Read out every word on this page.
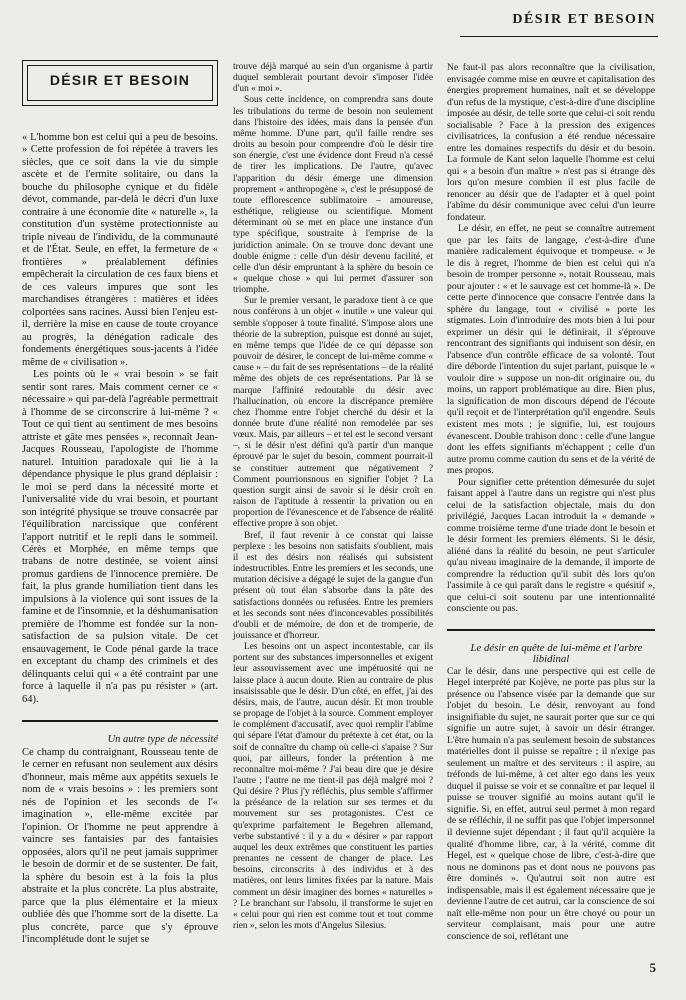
DÉSIR ET BESOIN
DÉSIR ET BESOIN

« L'homme bon est celui qui a peu de besoins. » Cette profession de foi répétée à travers les siècles, que ce soit dans la vie du simple ascète et de l'ermite solitaire, ou dans la bouche du philosophe cynique et du fidèle dévot, commande, par-delà le décri d'un luxe contraire à une économie dite « naturelle », la constitution d'un système protectionniste au triple niveau de l'individu, de la communauté et de l'État. Seule, en effet, la fermeture de « frontières » préalablement définies empêcherait la circulation de ces faux biens et de ces valeurs impures que sont les marchandises étrangères : matières et idées colportées sans racines. Aussi bien l'enjeu est-il, derrière la mise en cause de toute croyance au progrès, la dénégation radicale des fondements énergétiques sous-jacents à l'idée même de « civilisation ».

Les points où le « vrai besoin » se fait sentir sont rares. Mais comment cerner ce « nécessaire » qui par-delà l'agréable permettrait à l'homme de se circonscrire à lui-même ? « Tout ce qui tient au sentiment de mes besoins attriste et gâte mes pensées », reconnaît Jean-Jacques Rousseau, l'apologiste de l'homme naturel. Intuition paradoxale qui lie à la dépendance physique le plus grand déplaisir : le moi se perd dans la nécessité morte et l'universalité vide du vrai besoin, et pourtant son intégrité physique se trouve consacrée par l'équilibration narcissique que conférent l'apport nutritif et le repli dans le sommeil. Cérès et Morphée, en même temps que trabans de notre destinée, se voient ainsi promus gardiens de l'innocence première. De fait, la plus grande humiliation tient dans les impulsions à la violence qui sont issues de la famine et de l'insomnie, et la déshumanisation première de l'homme est fondée sur la non-satisfaction de sa pulsion vitale. De cet ensauvagement, le Code pénal garde la trace en exceptant du champ des criminels et des délinquants celui qui « a été contraint par une force à laquelle il n'a pas pu résister » (art. 64).

Un autre type de nécessité

Ce champ du contraignant, Rousseau tente de le cerner en refusant non seulement aux désirs d'honneur, mais même aux appétits sexuels le nom de « vrais besoins » : les premiers sont nés de l'opinion et les seconds de l'« imagination », elle-même excitée par l'opinion. Or l'homme ne peut apprendre à vaincre ses fantaisies par des fantaisies opposées, alors qu'il ne peut jamais supprimer le besoin de dormir et de se sustenter. De fait, la sphère du besoin est à la fois la plus abstraite et la plus concrète. La plus abstraite, parce que la plus élémentaire et la mieux oubliée dès que l'homme sort de la disette. La plus concrète, parce que s'y éprouve l'incomplétude dont le sujet se

trouve déjà marqué au sein d'un organisme à partir duquel semblerait pourtant devoir s'imposer l'idée d'un « moi ».

Sous cette incidence, on comprendra sans doute les tribulations du terme de besoin non seulement dans l'histoire des idées, mais dans la pensée d'un même homme. D'une part, qu'il faille rendre ses droits au besoin pour comprendre d'où le désir tire son énergie, c'est une évidence dont Freud n'a cessé de tirer les implications. De l'autre, qu'avec l'apparition du désir émerge une dimension proprement « anthropogène », c'est le présupposé de toute efflorescence sublimatoire – amoureuse, esthétique, religieuse ou scientifique. Moment déterminant où se met en place une instance d'un type spécifique, soustraite à l'emprise de la juridiction animale. On se trouve donc devant une double énigme : celle d'un désir devenu facilité, et celle d'un désir empruntant à la sphère du besoin ce « quelque chose » qui lui permet d'assurer son triomphe.

Sur le premier versant, le paradoxe tient à ce que nous conférons à un objet « inutile » une valeur qui semble s'opposer à toute finalité. S'impose alors une théorie de la subreption, puisque est donné au sujet, en même temps que l'idée de ce qui dépasse son pouvoir de désirer, le concept de lui-même comme « cause » – du fait de ses représentations – de la réalité même des objets de ces représentations. Par là se marque l'affinité redoutable du désir avec l'hallucination, où encore la discrépance première chez l'homme entre l'objet cherché du désir et la donnée brute d'une réalité non remodelée par ses vœux. Mais, par ailleurs – et tel est le second versant –, si le désir n'est défini qu'à partir d'un manque éprouvé par le sujet du besoin, comment pourrait-il se constituer autrement que négativement ? Comment pourrionsnous en signifier l'objet ? La question surgit ainsi de savoir si le désir croît en raison de l'aptitude à ressentir la privation ou en proportion de l'évanescence et de l'absence de réalité effective propre à son objet.

Bref, il faut revenir à ce constat qui laisse perplexe : les besoins non satisfaits s'oublient, mais il est des désirs non réalisés qui subsistent indestructibles. Entre les premiers et les seconds, une mutation décisive a dégagé le sujet de la gangue d'un présent où tout élan s'absorbe dans la pâte des satisfactions données ou refusées. Entre les premiers et les seconds sont nées d'inconcevables possibilités d'oubli et de mémoire, de don et de tromperie, de jouissance et d'horreur.

Les besoins ont un aspect incontestable, car ils portent sur des substances impersonnelles et exigent leur assouvissement avec une impétuosité qui ne laisse place à aucun doute. Rien au contraire de plus insaisissable que le désir. D'un côté, en effet, j'ai des désirs, mais, de l'autre, aucun désir. Et mon trouble se propage de l'objet à la source. Comment employer le complément d'accusatif, avec quoi remplir l'abîme qui sépare l'état d'amour du prétexte à cet état, ou la soif de connaître du champ où celle-ci s'apaise ? Sur quoi, par ailleurs, fonder la prétention à me reconnaître moi-même ? J'ai beau dire que je désire l'autre ; l'autre ne me tient-il pas déjà malgré moi ? Qui désire ? Plus j'y réfléchis, plus semble s'affirmer la préséance de la relation sur ses termes et du mouvement sur ses protagonistes. C'est ce qu'exprime parfaitement le Begehren allemand, verbe substantivé : il y a du « désirer » par rapport auquel les deux extrêmes que constituent les parties prenantes ne cessent de changer de place. Les besoins, circonscrits à des individus et à des matières, ont leurs limites fixées par la nature. Mais comment un désir imaginer des bornes « naturelles » ? Le branchant sur l'absolu, il transforme le sujet en « celui pour qui rien est comme tout et tout comme rien », selon les mots d'Angelus Silesius.

Ne faut-il pas alors reconnaître que la civilisation, envisagée comme mise en œuvre et capitalisation des énergies proprement humaines, naît et se développe d'un refus de la mystique, c'est-à-dire d'une discipline imposée au désir, de telle sorte que celui-ci soit rendu socialisable ? Face à la pression des exigences civilisatrices, la confusion a été rendue nécessaire entre les domaines respectifs du désir et du besoin. La formule de Kant selon laquelle l'homme est celui qui « a besoin d'un maître » n'est pas si étrange dès lors qu'on mesure combien il est plus facile de renoncer au désir que de l'adapter et à quel point l'abîme du désir communique avec celui d'un leurre fondateur.

Le désir, en effet, ne peut se connaître autrement que par les faits de langage, c'est-à-dire d'une manière radicalement équivoque et trompeuse. « Je le dis à regret, l'homme de bien est celui qui n'a besoin de tromper personne », notait Rousseau, mais pour ajouter : « et le sauvage est cet homme-là ». De cette perte d'innocence que consacre l'entrée dans la sphère du langage, tout « civilisé » porte les stigmates. Loin d'introduire des mots bien à lui pour exprimer un désir qui le définirait, il s'éprouve rencontrant des signifiants qui induisent son désir, en l'absence d'un contrôle efficace de sa volonté. Tout dire déborde l'intention du sujet parlant, puisque le « vouloir dire » suppose un non-dit originaire ou, du moins, un rapport problématique au dire. Bien plus, la signification de mon discours dépend de l'écoute qu'il reçoit et de l'interprétation qu'il engendre. Seuls existent mes mots ; je signifie, lui, est toujours évanescent. Double trahison donc : celle d'une langue dont les effets signifiants m'échappent ; celle d'un autre promu comme caution du sens et de la vérité de mes propos.

Pour signifier cette prétention démesurée du sujet faisant appel à l'autre dans un registre qui n'est plus celui de la satisfaction objectale, mais du don privilégié, Jacques Lacan introduit la « demande » comme troisième terme d'une triade dont le besoin et le désir forment les premiers éléments. Si le désir, aliéné dans la réalité du besoin, ne peut s'articuler qu'au niveau imaginaire de la demande, il importe de comprendre la réduction qu'il subit dès lors qu'on l'assimile à ce qui paraît dans le registre « quésitif », que celui-ci soit soutenu par une intentionnalité consciente ou pas.

Le désir en quête de lui-même et l'arbre libidinal

Car le désir, dans une perspective qui est celle de Hegel interprété par Kojève, ne porte pas plus sur la présence ou l'absence visée par la demande que sur l'objet du besoin. Le désir, renvoyant au fond insignifiable du sujet, ne saurait porter que sur ce qui signifie un autre sujet, à savoir un désir étranger. L'être humain n'a pas seulement besoin de substances matérielles dont il puisse se repaître ; il n'exige pas seulement un maître et des serviteurs : il aspire, au tréfonds de lui-même, à cet alter ego dans les yeux duquel il puisse se voir et se connaître et par lequel il puisse se trouver signifié au moins autant qu'il le signifie. Si, en effet, autrui seul permet à mon regard de se réfléchir, il ne suffit pas que l'objet impersonnel il devienne sujet dépendant ; il faut qu'il acquière la qualité d'homme libre, car, à la vérité, comme dit Hegel, est « quelque chose de libre, c'est-à-dire que nous ne dominons pas et dont nous ne pouvons pas être dominés ». Qu'autrui soit non autre est indispensable, mais il est également nécessaire que je devienne l'autre de cet autrui, car la conscience de soi naît elle-même non pour un être choyé ou pour un serviteur complaisant, mais pour une autre conscience de soi, reflétant une

5
